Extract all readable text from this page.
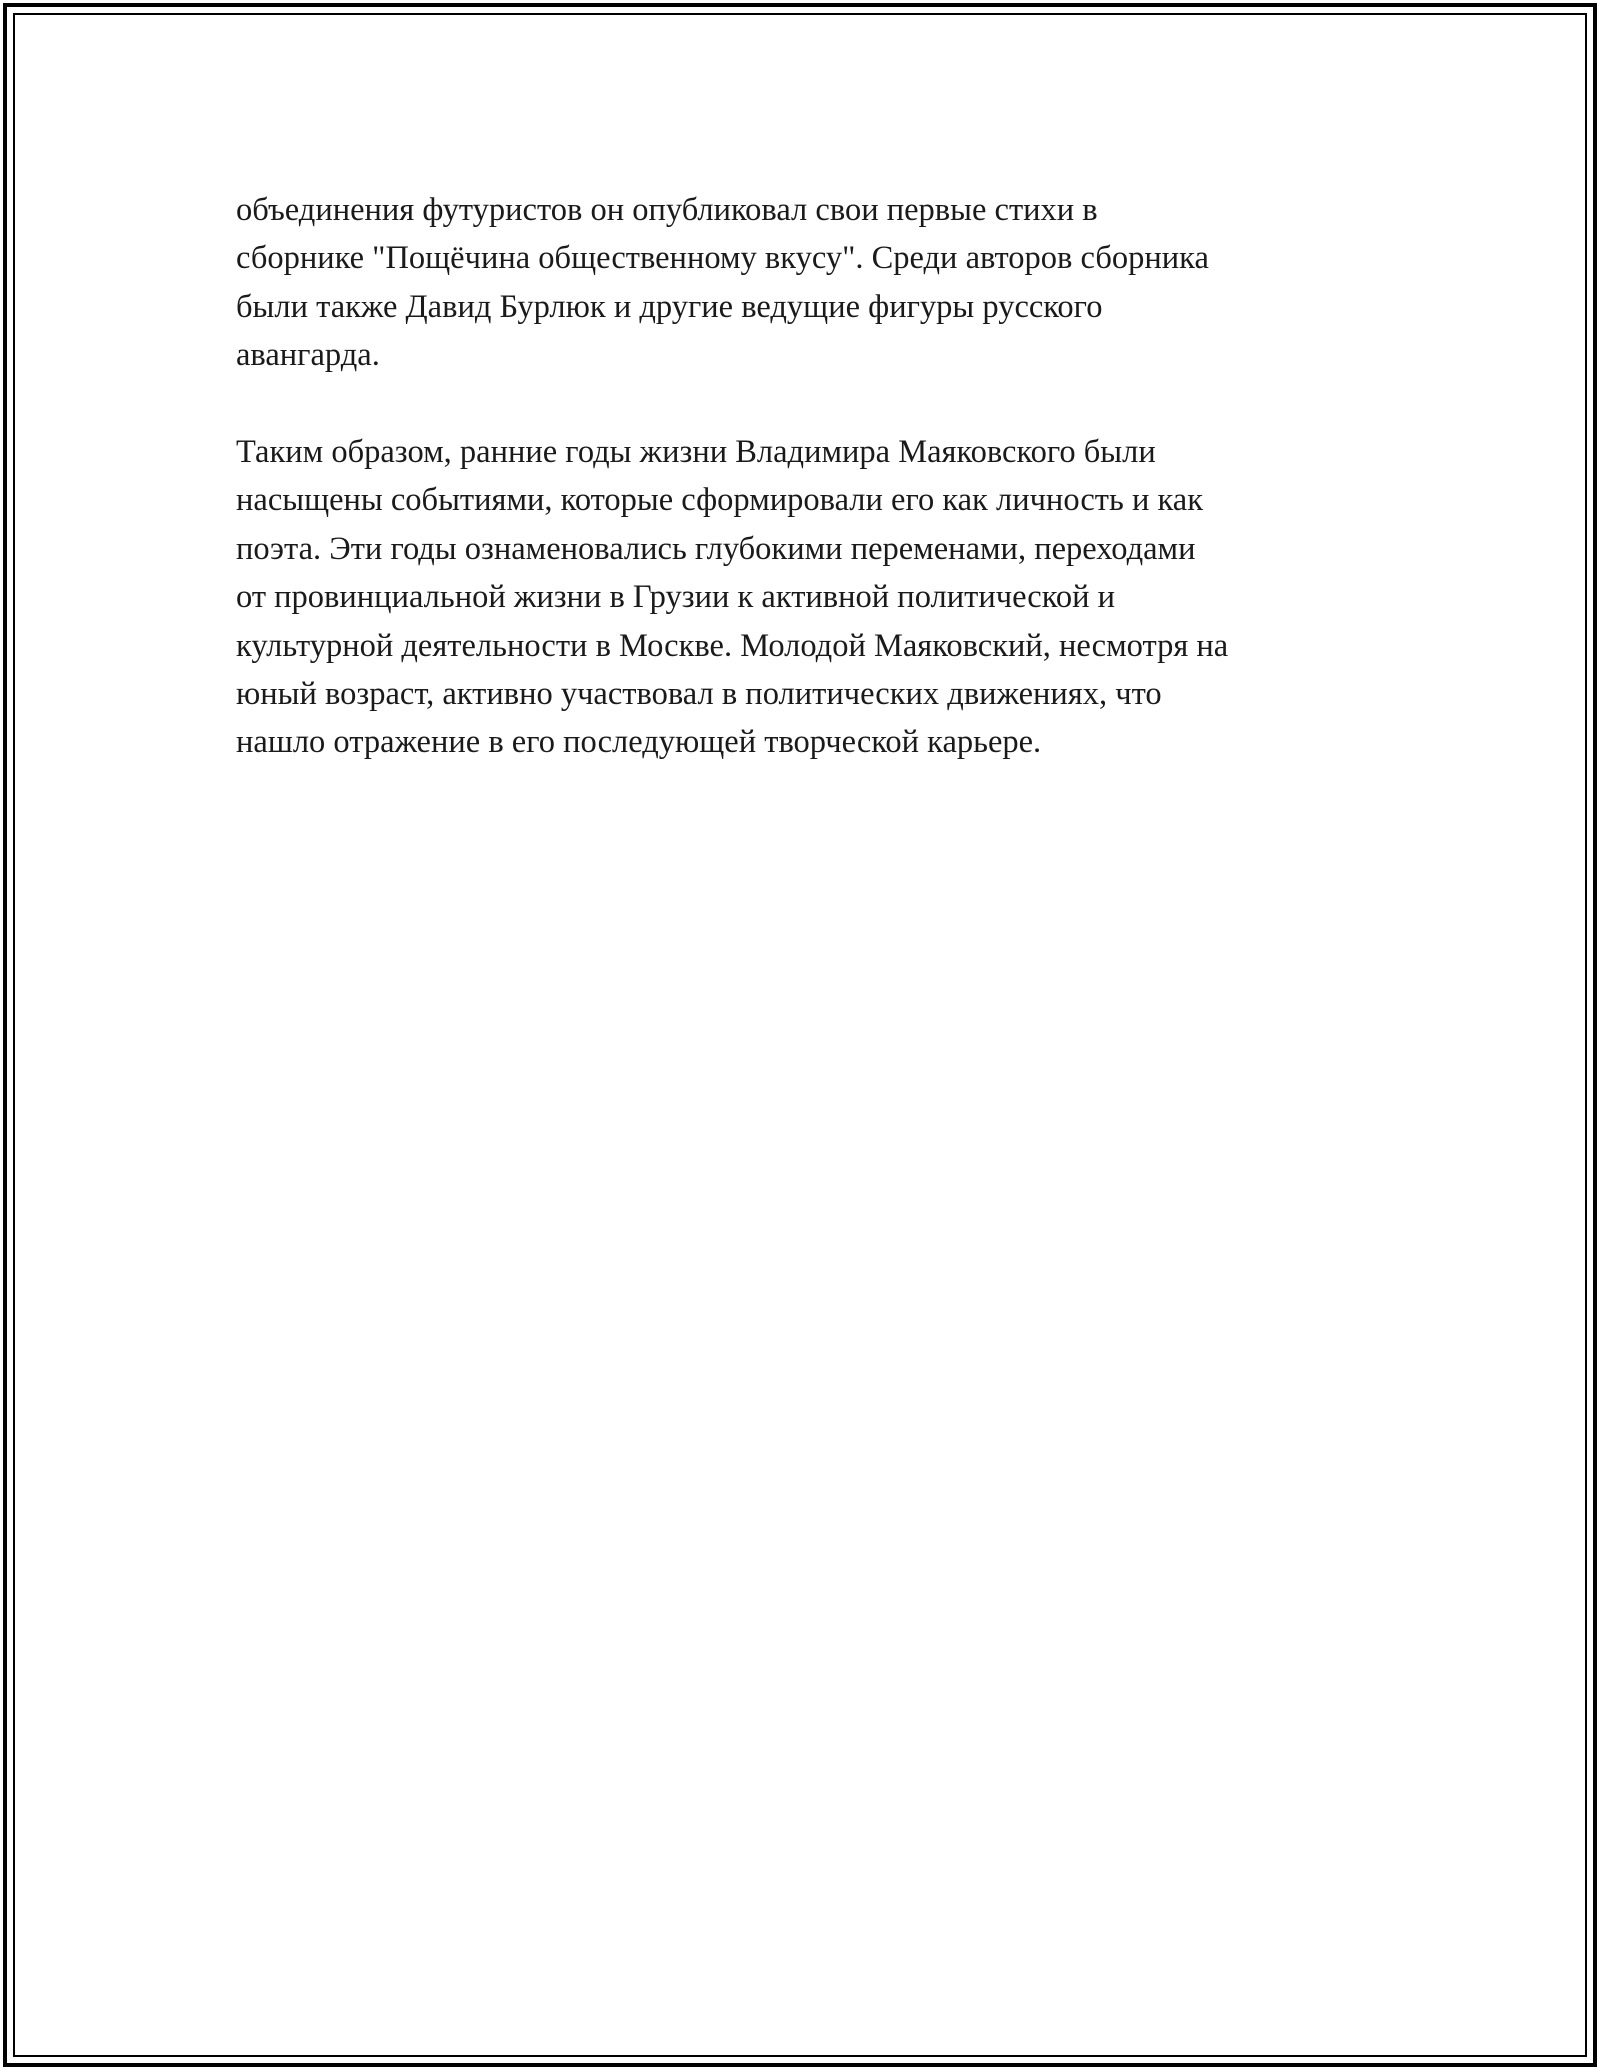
объединения футуристов он опубликовал свои первые стихи в
сборнике "Пощёчина общественному вкусу". Среди авторов сборника
были также Давид Бурлюк и другие ведущие фигуры русского
авангарда.

Таким образом, ранние годы жизни Владимира Маяковского были
насыщены событиями, которые сформировали его как личность и как
поэта. Эти годы ознаменовались глубокими переменами, переходами
от провинциальной жизни в Грузии к активной политической и
культурной деятельности в Москве. Молодой Маяковский, несмотря на
юный возраст, активно участвовал в политических движениях, что
нашло отражение в его последующей творческой карьере.
